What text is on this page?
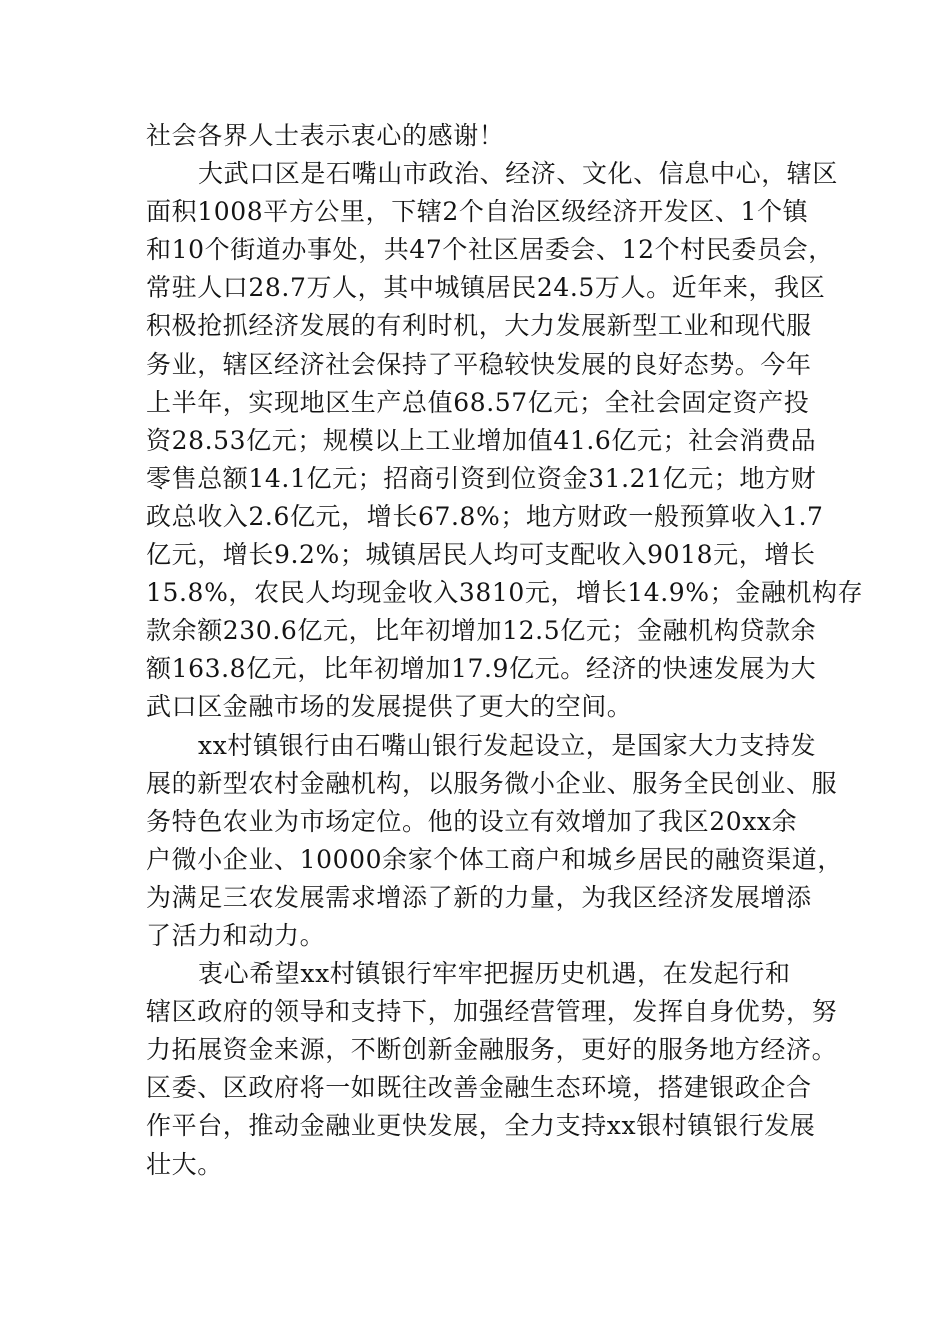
社会各界人士表示衷心的感谢！
大武口区是石嘴山市政治、经济、文化、信息中心，辖区
面积1008平方公里，下辖2个自治区级经济开发区、1个镇
和10个街道办事处，共47个社区居委会、12个村民委员会，
常驻人口28.7万人，其中城镇居民24.5万人。近年来，我区
积极抢抓经济发展的有利时机，大力发展新型工业和现代服
务业，辖区经济社会保持了平稳较快发展的良好态势。今年
上半年，实现地区生产总值68.57亿元；全社会固定资产投
资28.53亿元；规模以上工业增加值41.6亿元；社会消费品
零售总额14.1亿元；招商引资到位资金31.21亿元；地方财
政总收入2.6亿元，增长67.8%；地方财政一般预算收入1.7
亿元，增长9.2%；城镇居民人均可支配收入9018元，增长
15.8%，农民人均现金收入3810元，增长14.9%；金融机构存
款余额230.6亿元，比年初增加12.5亿元；金融机构贷款余
额163.8亿元，比年初增加17.9亿元。经济的快速发展为大
武口区金融市场的发展提供了更大的空间。
xx村镇银行由石嘴山银行发起设立，是国家大力支持发
展的新型农村金融机构，以服务微小企业、服务全民创业、服
务特色农业为市场定位。他的设立有效增加了我区20xx余
户微小企业、10000余家个体工商户和城乡居民的融资渠道，
为满足三农发展需求增添了新的力量，为我区经济发展增添
了活力和动力。
衷心希望xx村镇银行牢牢把握历史机遇，在发起行和
辖区政府的领导和支持下，加强经营管理，发挥自身优势，努
力拓展资金来源，不断创新金融服务，更好的服务地方经济。
区委、区政府将一如既往改善金融生态环境，搭建银政企合
作平台，推动金融业更快发展，全力支持xx银村镇银行发展
壮大。
